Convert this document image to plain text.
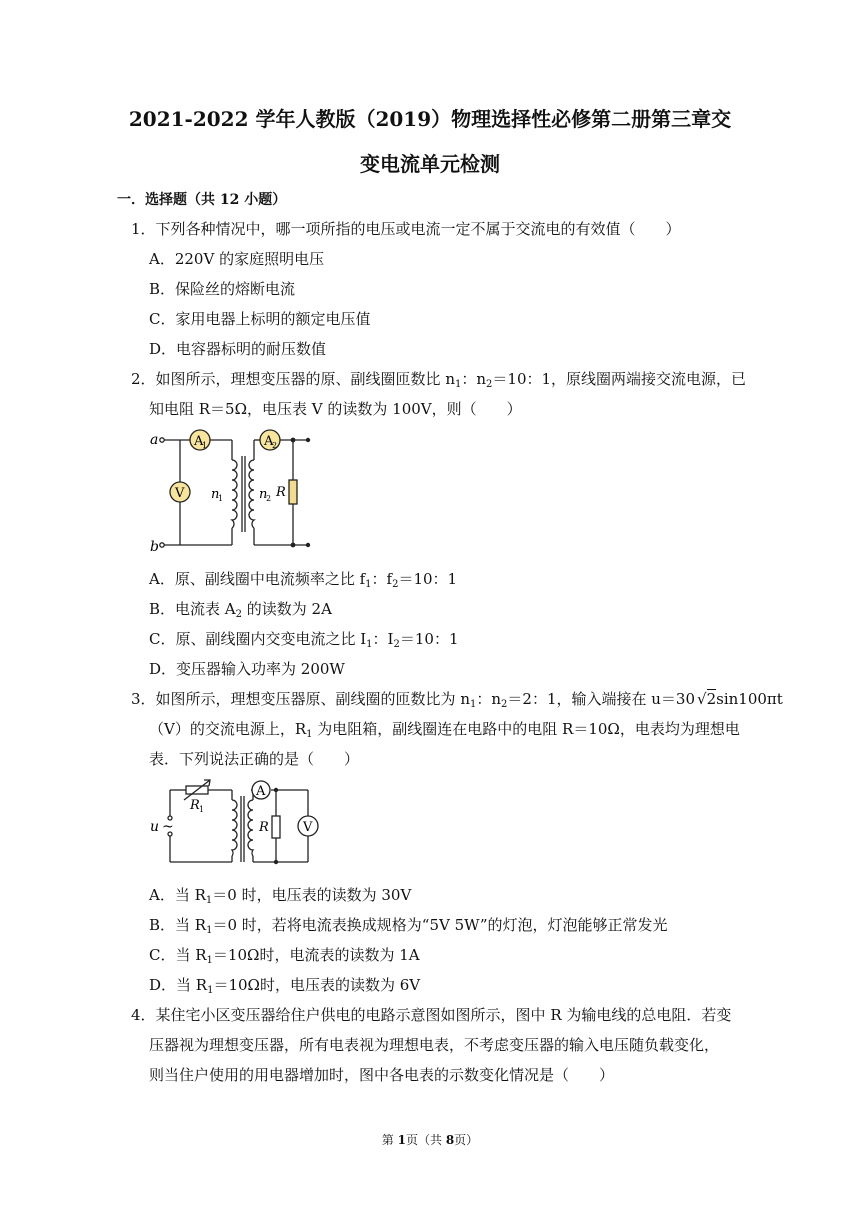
2021-2022 学年人教版（2019）物理选择性必修第二册第三章交
变电流单元检测
一．选择题（共 12 小题）
1．下列各种情况中，哪一项所指的电压或电流一定不属于交流电的有效值（　　）
A．220V 的家庭照明电压
B．保险丝的熔断电流
C．家用电器上标明的额定电压值
D．电容器标明的耐压数值
2．如图所示，理想变压器的原、副线圈匝数比 $n_1$：$n_2=10$：1，原线圈两端接交流电源，已
知电阻 R＝5Ω，电压表 V 的读数为 100V，则（　　）
A
1	A
2
V
a
b
n
1	n
2 R
A．原、副线圈中电流频率之比 $f_1$：$f_2=10$：1
B．电流表 $A_2$ 的读数为 2A
C．原、副线圈内交变电流之比 $I_1$：$I_2=10$：1
D．变压器输入功率为 200W
3．如图所示，理想变压器原、副线圈的匝数比为 $n_1$：$n_2=2$：1，输入端接在 u＝30 √2sin100πt
（V）的交流电源上，$R_1$ 为电阻箱，副线圈连在电路中的电阻 R＝10Ω，电表均为理想电
表．下列说法正确的是（　　）
A
V
u ~
R 1
R
A．当 $R_1=0$ 时，电压表的读数为 30V
B．当 $R_1=0$ 时，若将电流表换成规格为“5V 5W”的灯泡，灯泡能够正常发光
C．当 $R_1=10\Omega$时，电流表的读数为 1A
D．当 $R_1=10\Omega$时，电压表的读数为 6V
4．某住宅小区变压器给住户供电的电路示意图如图所示，图中 R 为输电线的总电阻．若变
压器视为理想变压器，所有电表视为理想电表，不考虑变压器的输入电压随负载变化，
则当住户使用的用电器增加时，图中各电表的示数变化情况是（　　）
第 1页（共 8页）
